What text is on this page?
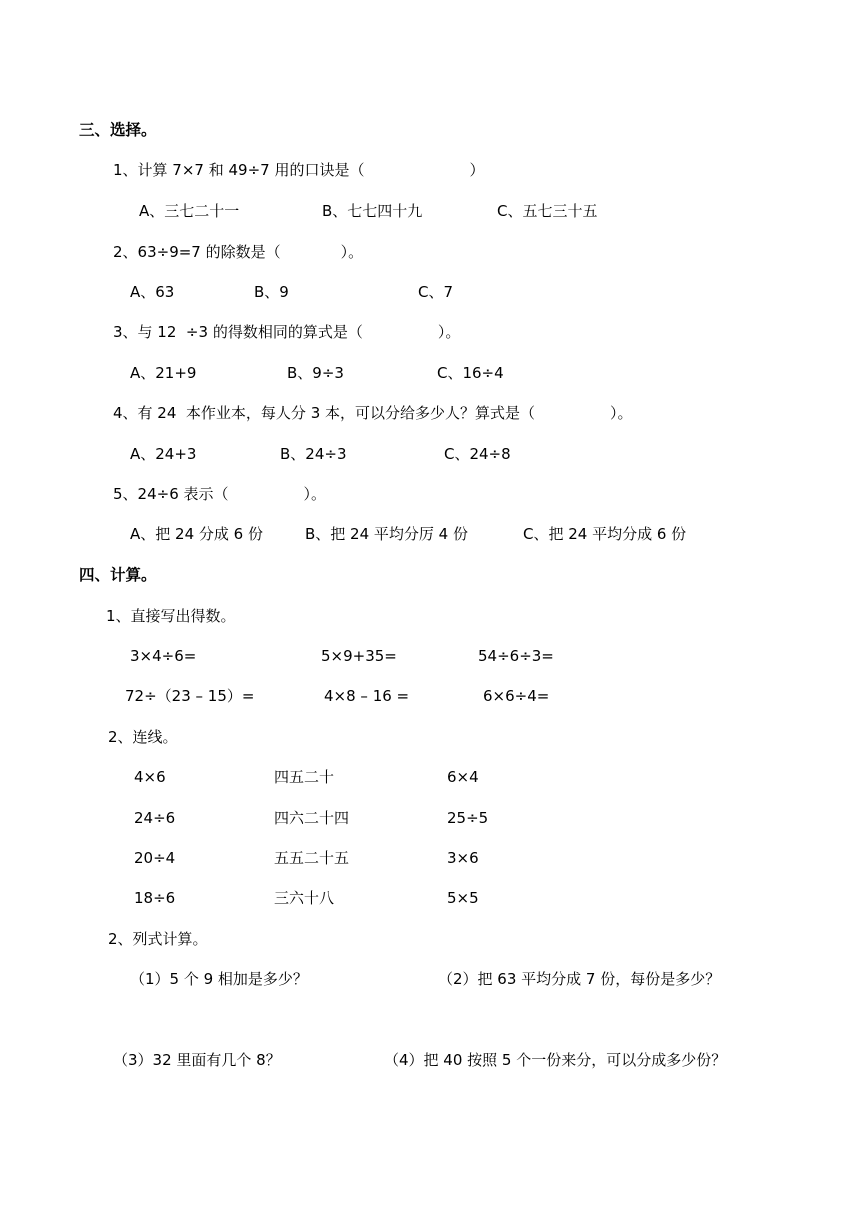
三、选择。
1、计算 7×7 和 49÷7 用的口诀是（　　　　　　　）
A、三七二十一	B、七七四十九	C、五七三十五
2、63÷9=7 的除数是（　　　　）。
A、63	B、9	C、7
3、与 12  ÷3 的得数相同的算式是（　　　　　）。
A、21+9	B、9÷3	C、16÷4
4、有 24  本作业本，每人分 3 本，可以分给多少人？算式是（　　　　　）。
A、24+3	B、24÷3	C、24÷8
5、24÷6 表示（　　　　　）。
A、把 24 分成 6 份	B、把 24 平均分厉 4 份	C、把 24 平均分成 6 份
四、计算。
1、直接写出得数。
3×4÷6=	5×9+35=	54÷6÷3=
72÷（23 – 15）=	4×8 – 16 =	6×6÷4=
2、连线。
4×6	四五二十	6×4
24÷6	四六二十四	25÷5
20÷4	五五二十五	3×6
18÷6	三六十八	5×5
2、列式计算。
（1）5 个 9 相加是多少？	（2）把 63 平均分成 7 份，每份是多少？
（3）32 里面有几个 8？	（4）把 40 按照 5 个一份来分，可以分成多少份？
